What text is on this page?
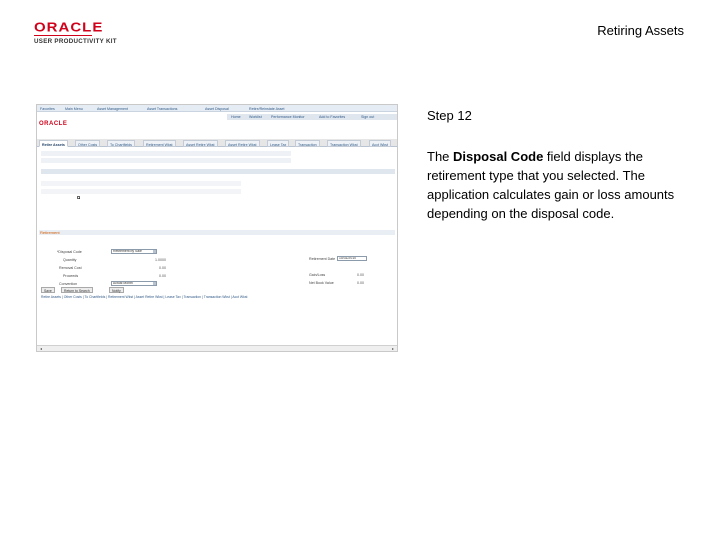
ORACLE
USER PRODUCTIVITY KIT
Retiring Assets
Step 12
The Disposal Code field displays the retirement type that you selected. The application calculates gain or loss amounts depending on the disposal code.
Favorites	Main Menu	Asset Management	Asset Transactions	Asset Disposal	Retire/Reinstate Asset
ORACLE
Home Worklist	Performance Monitor	Add to Favorites	Sign out
Retire Assets	Other Costs	To Chartfields	Retirement Wkst	Asset Retire Wkst	Asset Retire Wkst	Lease Tax	Transaction	Transaction Wkst	Acct Wkst
Retirement
*Disposal Code	Retirement by Sale
Quantity	1.0000	Retirement Date	10/31/2010
Removal Cost	0.00
Proceeds	0.00	Gain/Loss	0.00
Convention	Actual Month	Net Book Value	0.00
Save	Return to Search	Notify
Retire Assets | Other Costs | To Chartfields | Retirement Wkst | Asset Retire Wkst | Lease Tax | Transaction | Transaction Wkst | Acct Wkst
◂	▸
